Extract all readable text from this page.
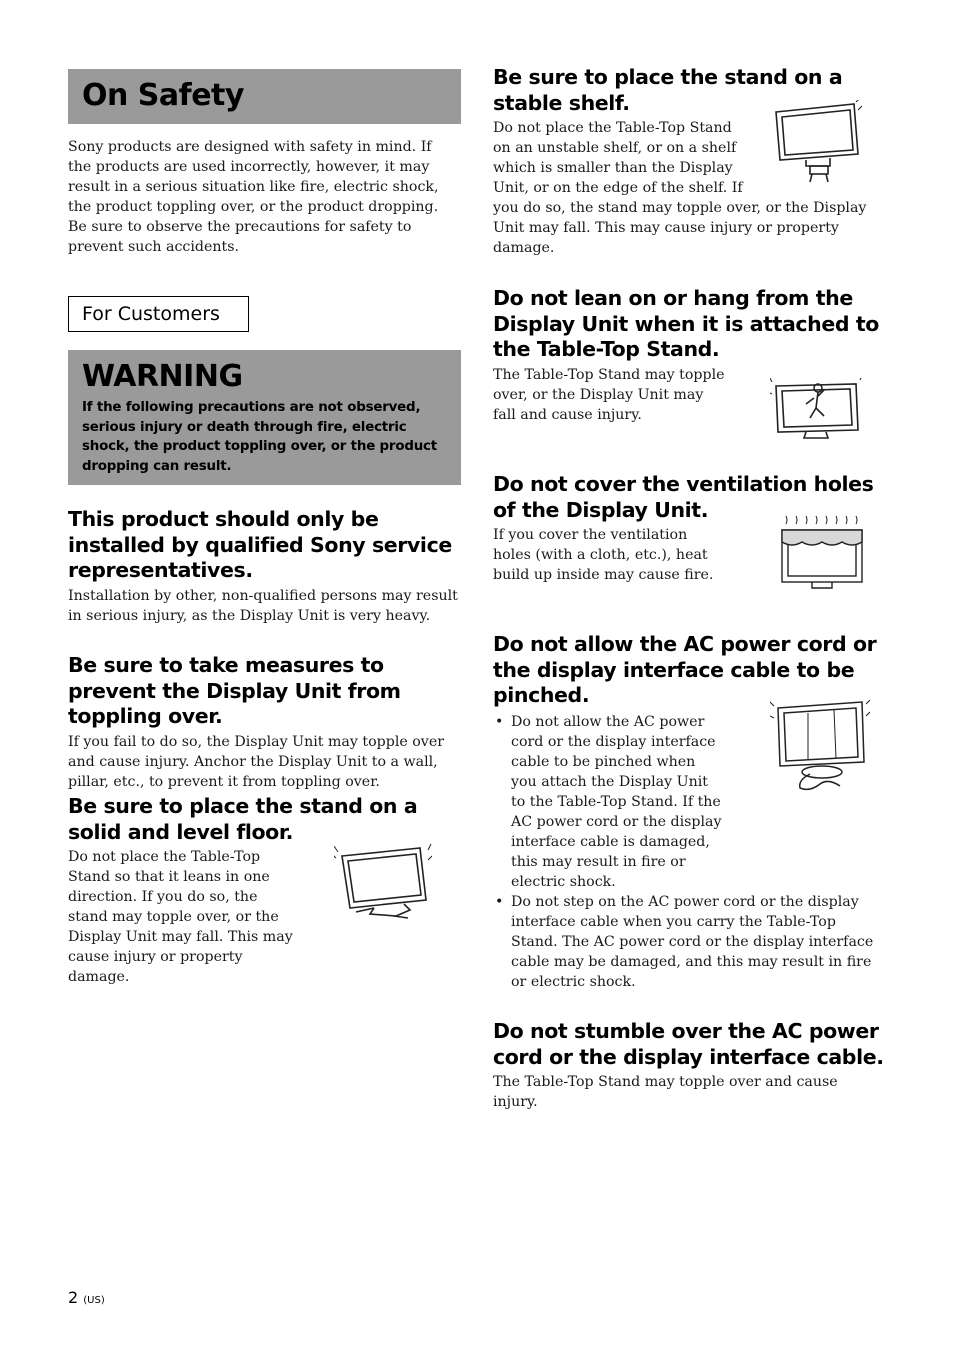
On Safety

Sony products are designed with safety in mind. If the products are used incorrectly, however, it may result in a serious situation like fire, electric shock, the product toppling over, or the product dropping. Be sure to observe the precautions for safety to prevent such accidents.

For Customers
WARNING
If the following precautions are not observed, serious injury or death through fire, electric shock, the product toppling over, or the product dropping can result.

This product should only be installed by qualified Sony service representatives.

Installation by other, non-qualified persons may result in serious injury, as the Display Unit is very heavy.

Be sure to take measures to prevent the Display Unit from toppling over.

If you fail to do so, the Display Unit may topple over and cause injury. Anchor the Display Unit to a wall, pillar, etc., to prevent it from toppling over.

Be sure to place the stand on a solid and level floor.

Do not place the Table-Top Stand so that it leans in one direction. If you do so, the stand may topple over, or the Display Unit may fall. This may cause injury or property damage.

Be sure to place the stand on a stable shelf.

Do not place the Table-Top Stand on an unstable shelf, or on a shelf which is smaller than the Display Unit, or on the edge of the shelf. If you do so, the stand may topple over, or the Display Unit may fall. This may cause injury or property damage.

Do not lean on or hang from the Display Unit when it is attached to the Table-Top Stand.

The Table-Top Stand may topple over, or the Display Unit may fall and cause injury.

Do not cover the ventilation holes of the Display Unit.

If you cover the ventilation holes (with a cloth, etc.), heat build up inside may cause fire.

Do not allow the AC power cord or the display interface cable to be pinched.

• Do not allow the AC power cord or the display interface cable to be pinched when you attach the Display Unit to the Table-Top Stand. If the AC power cord or the display interface cable is damaged, this may result in fire or electric shock.
• Do not step on the AC power cord or the display interface cable when you carry the Table-Top Stand. The AC power cord or the display interface cable may be damaged, and this may result in fire or electric shock.

Do not stumble over the AC power cord or the display interface cable.

The Table-Top Stand may topple over and cause injury.

2 (US)
